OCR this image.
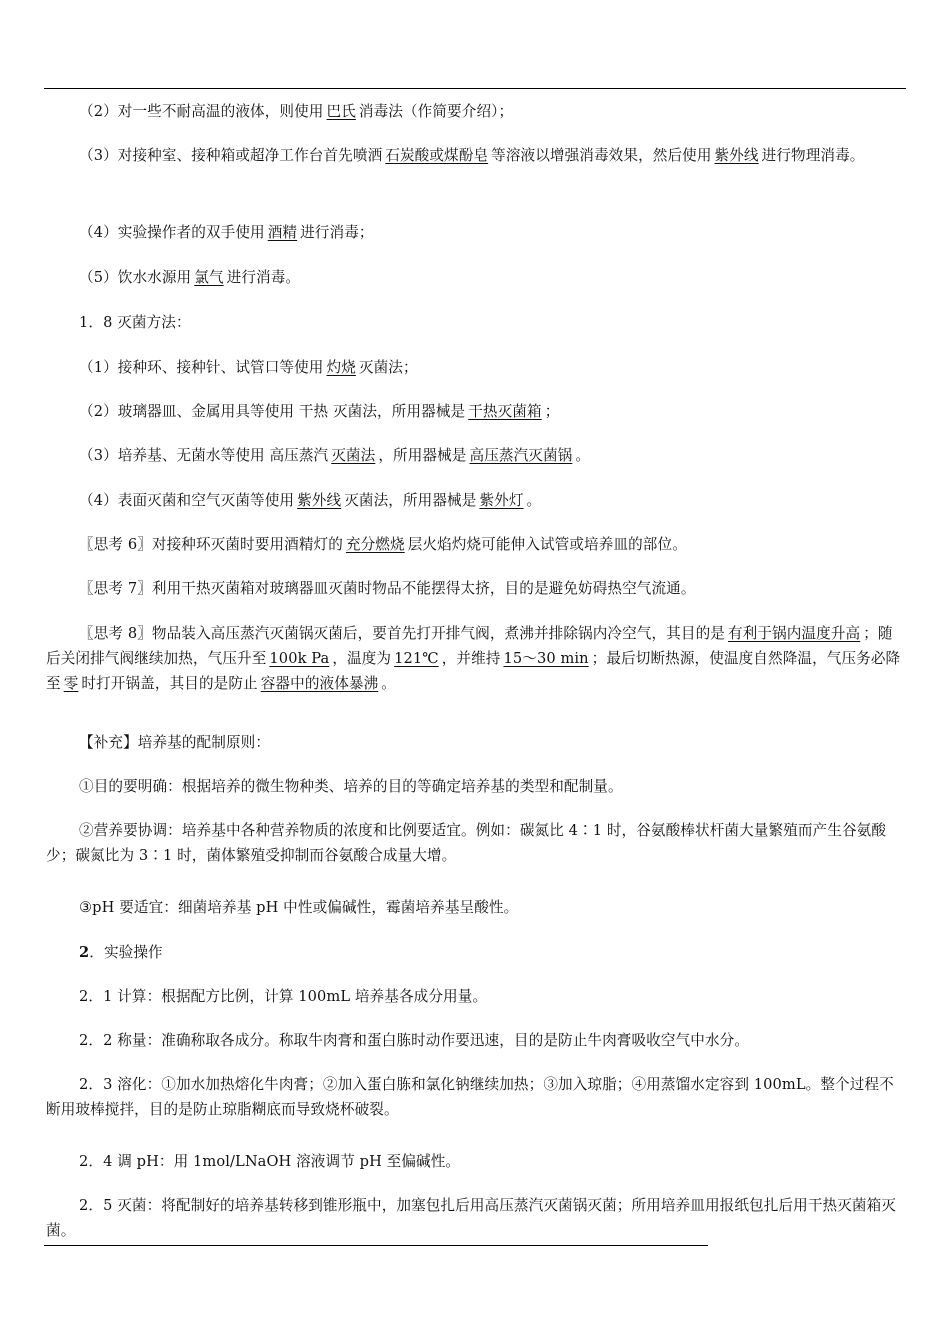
（2）对一些不耐高温的液体，则使用 巴氏 消毒法（作简要介绍）；
（3）对接种室、接种箱或超净工作台首先喷洒 石炭酸或煤酚皂 等溶液以增强消毒效果，然后使用 紫外线 进行物理消毒。
（4）实验操作者的双手使用 酒精 进行消毒；
（5）饮水水源用 氯气 进行消毒。
1．8 灭菌方法：
（1）接种环、接种针、试管口等使用 灼烧 灭菌法；
（2）玻璃器皿、金属用具等使用 干热 灭菌法，所用器械是 干热灭菌箱 ；
（3）培养基、无菌水等使用 高压蒸汽 灭菌法 ，所用器械是 高压蒸汽灭菌锅 。
（4）表面灭菌和空气灭菌等使用 紫外线 灭菌法，所用器械是 紫外灯 。
〖思考 6〗对接种环灭菌时要用酒精灯的 充分燃烧 层火焰灼烧可能伸入试管或培养皿的部位。
〖思考 7〗利用干热灭菌箱对玻璃器皿灭菌时物品不能摆得太挤，目的是避免妨碍热空气流通。
〖思考 8〗物品装入高压蒸汽灭菌锅灭菌后，要首先打开排气阀，煮沸并排除锅内冷空气，其目的是 有利于锅内温度升高 ；随后关闭排气阀继续加热，气压升至 100k Pa ，温度为 121℃ ，并维持 15～30 min ；最后切断热源，使温度自然降温，气压务必降至 零 时打开锅盖，其目的是防止 容器中的液体暴沸 。
【补充】培养基的配制原则：
①目的要明确：根据培养的微生物种类、培养的目的等确定培养基的类型和配制量。
②营养要协调：培养基中各种营养物质的浓度和比例要适宜。例如：碳氮比 4∶1 时，谷氨酸棒状杆菌大量繁殖而产生谷氨酸少；碳氮比为 3∶1 时，菌体繁殖受抑制而谷氨酸合成量大增。
③pH 要适宜：细菌培养基 pH 中性或偏碱性，霉菌培养基呈酸性。
2．实验操作
2．1 计算：根据配方比例，计算 100mL 培养基各成分用量。
2．2 称量：准确称取各成分。称取牛肉膏和蛋白胨时动作要迅速，目的是防止牛肉膏吸收空气中水分。
2．3 溶化：①加水加热熔化牛肉膏；②加入蛋白胨和氯化钠继续加热；③加入琼脂；④用蒸馏水定容到 100mL。整个过程不断用玻棒搅拌，目的是防止琼脂糊底而导致烧杯破裂。
2．4 调 pH：用 1mol/LNaOH 溶液调节 pH 至偏碱性。
2．5 灭菌：将配制好的培养基转移到锥形瓶中，加塞包扎后用高压蒸汽灭菌锅灭菌；所用培养皿用报纸包扎后用干热灭菌箱灭菌。
